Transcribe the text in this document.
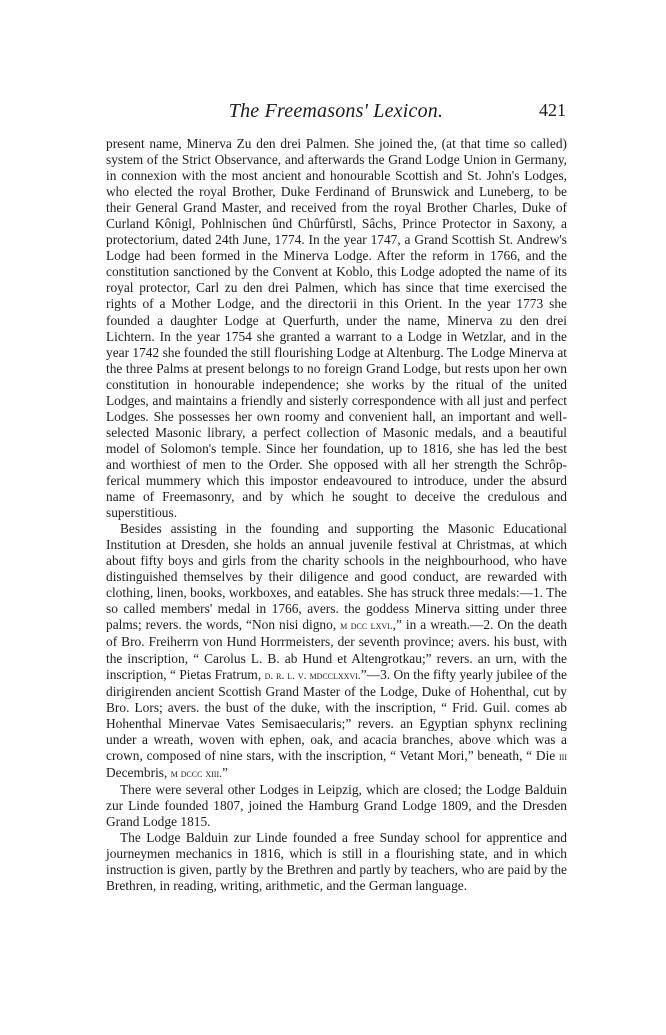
The Freemasons' Lexicon.	421

present name, Minerva Zu den drei Palmen. She joined the, (at that time so called) system of the Strict Observance, and afterwards the Grand Lodge Union in Germany, in connexion with the most ancient and honourable Scottish and St. John's Lodges, who elected the royal Brother, Duke Ferdinand of Brunswick and Luneberg, to be their General Grand Master, and received from the royal Brother Charles, Duke of Curland Kônigl, Pohlnischen ûnd Chûrfûrstl, Sâchs, Prince Protector in Saxony, a protectorium, dated 24th June, 1774. In the year 1747, a Grand Scottish St. Andrew's Lodge had been formed in the Minerva Lodge. After the reform in 1766, and the constitution sanctioned by the Convent at Koblo, this Lodge adopted the name of its royal protector, Carl zu den drei Palmen, which has since that time exercised the rights of a Mother Lodge, and the directorii in this Orient. In the year 1773 she founded a daughter Lodge at Querfurth, under the name, Minerva zu den drei Lichtern. In the year 1754 she granted a warrant to a Lodge in Wetzlar, and in the year 1742 she founded the still flourishing Lodge at Altenburg. The Lodge Minerva at the three Palms at present belongs to no foreign Grand Lodge, but rests upon her own constitution in honourable independence; she works by the ritual of the united Lodges, and maintains a friendly and sisterly correspondence with all just and perfect Lodges. She possesses her own roomy and convenient hall, an important and well-selected Masonic library, a perfect collection of Masonic medals, and a beautiful model of Solomon's temple. Since her foundation, up to 1816, she has led the best and worthiest of men to the Order. She opposed with all her strength the Schrôp-ferical mummery which this impostor endeavoured to introduce, under the absurd name of Freemasonry, and by which he sought to deceive the credulous and superstitious.

Besides assisting in the founding and supporting the Masonic Educational Institution at Dresden, she holds an annual juvenile festival at Christmas, at which about fifty boys and girls from the charity schools in the neighbourhood, who have distinguished themselves by their diligence and good conduct, are rewarded with clothing, linen, books, workboxes, and eatables. She has struck three medals:—1. The so called members' medal in 1766, avers. the goddess Minerva sitting under three palms; revers. the words, “Non nisi digno, m dcc lxvi.,” in a wreath.—2. On the death of Bro. Freiherrn von Hund Horrmeisters, der seventh province; avers. his bust, with the inscription, “ Carolus L. B. ab Hund et Altengrotkau;” revers. an urn, with the inscription, “ Pietas Fratrum, d. r. l. v. mdcclxxvi.”—3. On the fifty yearly jubilee of the dirigirenden ancient Scottish Grand Master of the Lodge, Duke of Hohenthal, cut by Bro. Lors; avers. the bust of the duke, with the inscription, “ Frid. Guil. comes ab Hohenthal Minervae Vates Semisaecularis;” revers. an Egyptian sphynx reclining under a wreath, woven with ephen, oak, and acacia branches, above which was a crown, composed of nine stars, with the inscription, “ Vetant Mori,” beneath, “ Die iii Decembris, m dccc xiii.”

There were several other Lodges in Leipzig, which are closed; the Lodge Balduin zur Linde founded 1807, joined the Hamburg Grand Lodge 1809, and the Dresden Grand Lodge 1815.

The Lodge Balduin zur Linde founded a free Sunday school for apprentice and journeymen mechanics in 1816, which is still in a flourishing state, and in which instruction is given, partly by the Brethren and partly by teachers, who are paid by the Brethren, in reading, writing, arithmetic, and the German language.
